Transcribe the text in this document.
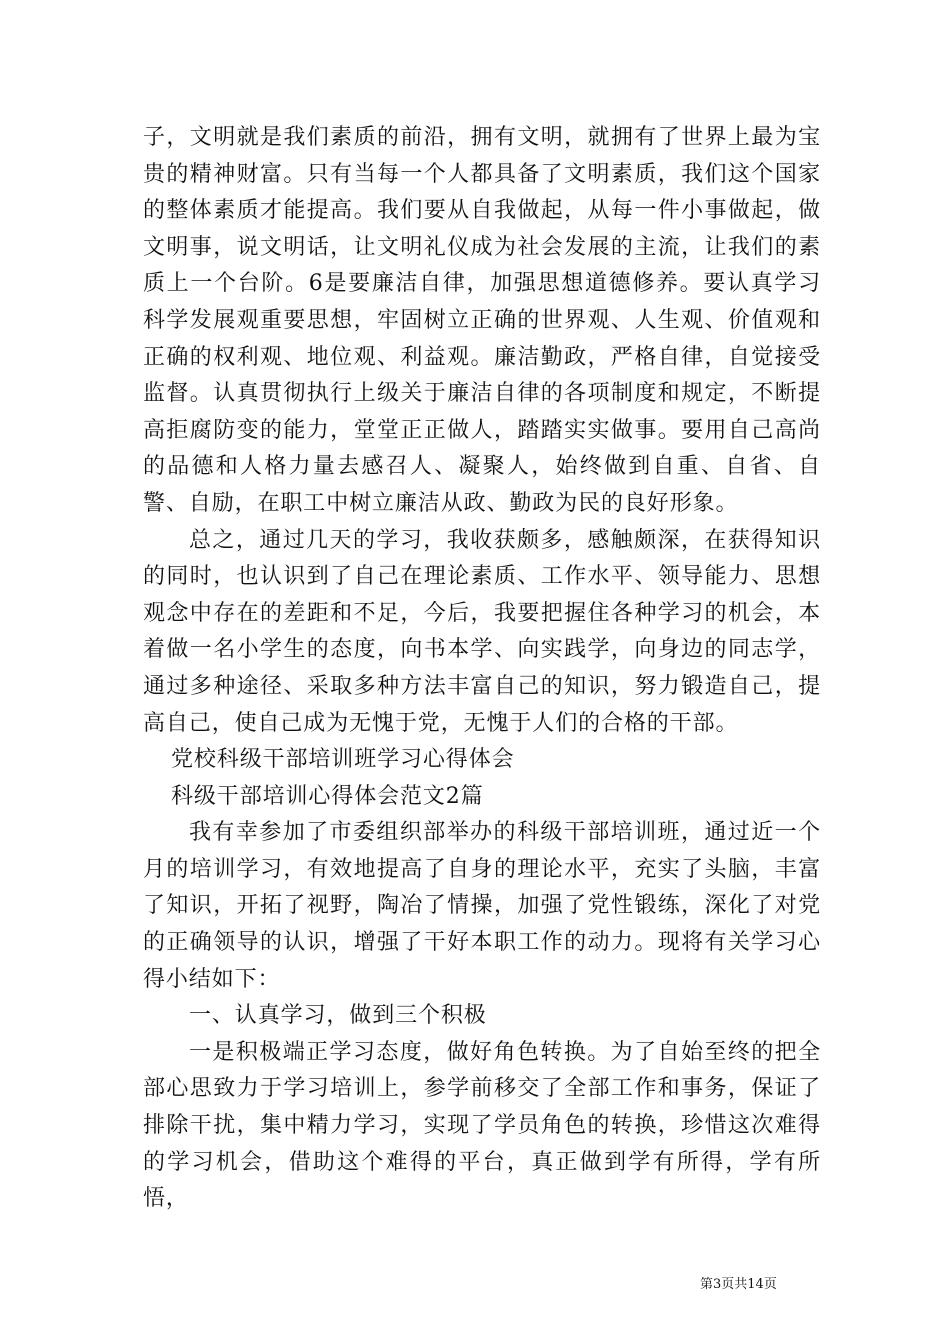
子，文明就是我们素质的前沿，拥有文明，就拥有了世界上最为宝贵的精神财富。只有当每一个人都具备了文明素质，我们这个国家的整体素质才能提高。我们要从自我做起，从每一件小事做起，做文明事，说文明话，让文明礼仪成为社会发展的主流，让我们的素质上一个台阶。6是要廉洁自律，加强思想道德修养。要认真学习科学发展观重要思想，牢固树立正确的世界观、人生观、价值观和正确的权利观、地位观、利益观。廉洁勤政，严格自律，自觉接受监督。认真贯彻执行上级关于廉洁自律的各项制度和规定，不断提高拒腐防变的能力，堂堂正正做人，踏踏实实做事。要用自己高尚的品德和人格力量去感召人、凝聚人，始终做到自重、自省、自警、自励，在职工中树立廉洁从政、勤政为民的良好形象。

总之，通过几天的学习，我收获颇多，感触颇深，在获得知识的同时，也认识到了自己在理论素质、工作水平、领导能力、思想观念中存在的差距和不足，今后，我要把握住各种学习的机会，本着做一名小学生的态度，向书本学、向实践学，向身边的同志学，通过多种途径、采取多种方法丰富自己的知识，努力锻造自己，提高自己，使自己成为无愧于党，无愧于人们的合格的干部。

党校科级干部培训班学习心得体会

科级干部培训心得体会范文2篇

我有幸参加了市委组织部举办的科级干部培训班，通过近一个月的培训学习，有效地提高了自身的理论水平，充实了头脑，丰富了知识，开拓了视野，陶冶了情操，加强了党性锻练，深化了对党的正确领导的认识，增强了干好本职工作的动力。现将有关学习心得小结如下：

一、认真学习，做到三个积极

一是积极端正学习态度，做好角色转换。为了自始至终的把全部心思致力于学习培训上，参学前移交了全部工作和事务，保证了排除干扰，集中精力学习，实现了学员角色的转换，珍惜这次难得的学习机会，借助这个难得的平台，真正做到学有所得，学有所悟，

第3页共14页
